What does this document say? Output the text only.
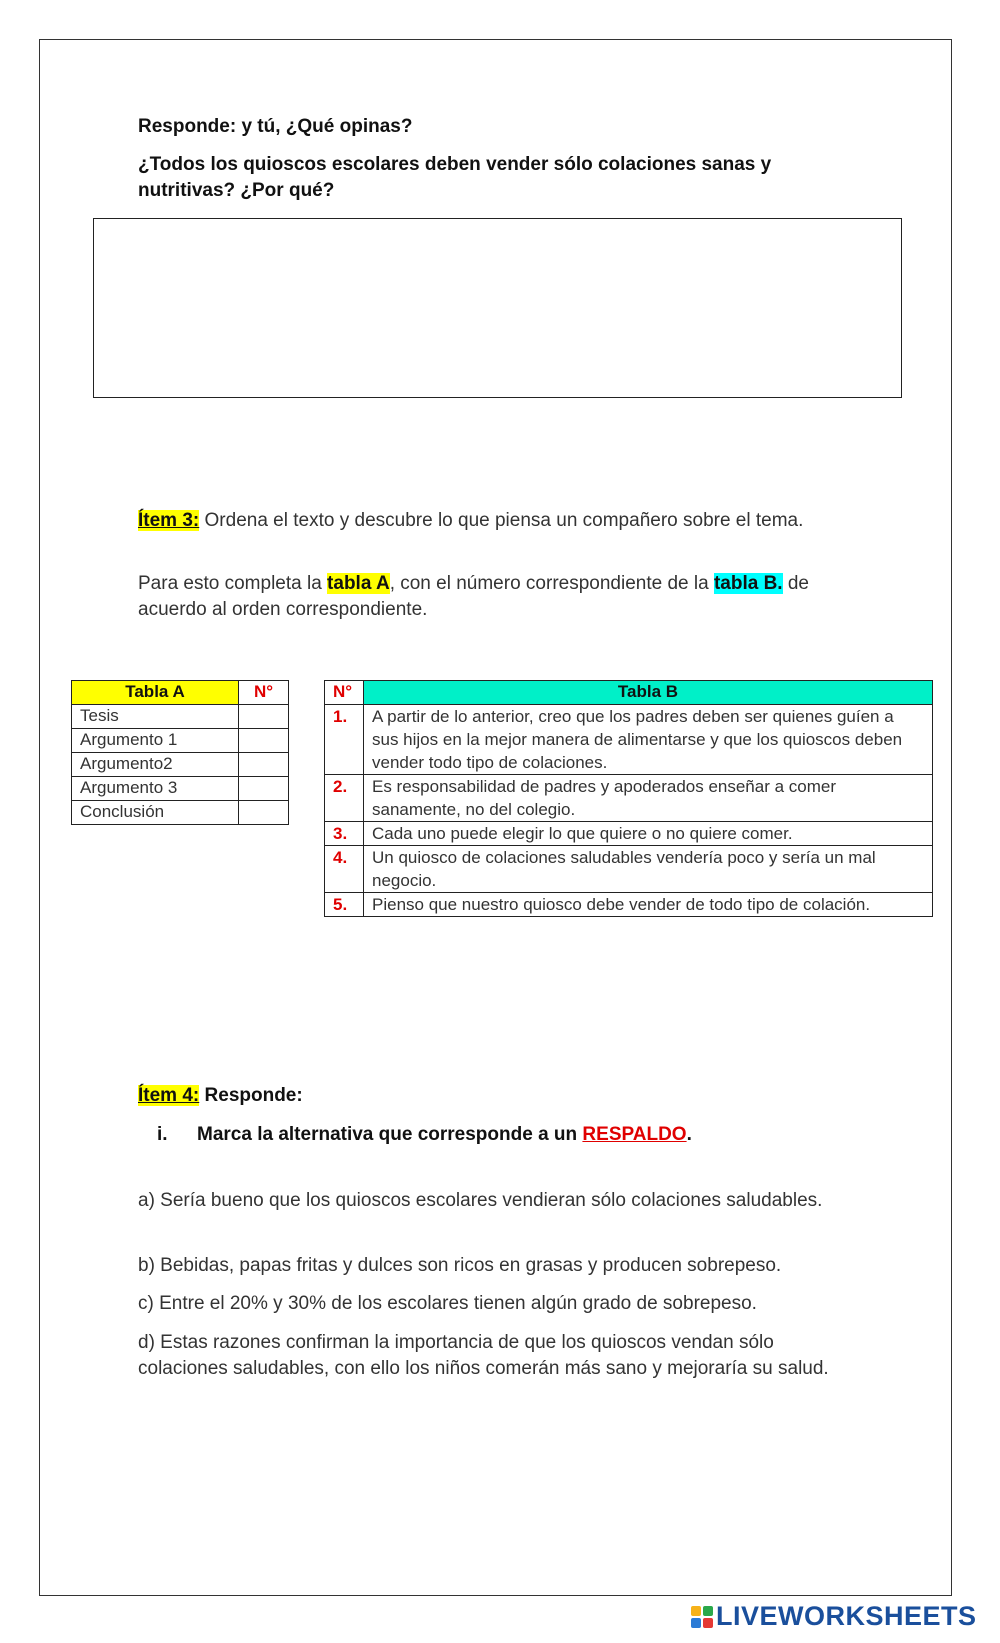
Responde: y tú, ¿Qué opinas?
¿Todos los quioscos escolares deben vender sólo colaciones sanas y nutritivas? ¿Por qué?
Ítem 3: Ordena el texto y descubre lo que piensa un compañero sobre el tema.
Para esto completa la tabla A, con el número correspondiente de la tabla B. de acuerdo al orden correspondiente.
Tabla A	N°
Tesis	
Argumento 1	
Argumento2	
Argumento 3	
Conclusión	
N°	Tabla B
1.	A partir de lo anterior, creo que los padres deben ser quienes guíen a sus hijos en la mejor manera de alimentarse y que los quioscos deben vender todo tipo de colaciones.
2.	Es responsabilidad de padres y apoderados enseñar a comer sanamente, no del colegio.
3.	Cada uno puede elegir lo que quiere o no quiere comer.
4.	Un quiosco de colaciones saludables vendería poco y sería un mal negocio.
5.	Pienso que nuestro quiosco debe vender de todo tipo de colación.
Ítem 4: Responde:
i. Marca la alternativa que corresponde a un RESPALDO.
a) Sería bueno que los quioscos escolares vendieran sólo colaciones saludables.
b) Bebidas, papas fritas y dulces son ricos en grasas y producen sobrepeso.
c) Entre el 20% y 30% de los escolares tienen algún grado de sobrepeso.
d) Estas razones confirman la importancia de que los quioscos vendan sólo colaciones saludables, con ello los niños comerán más sano y mejoraría su salud.
LIVEWORKSHEETS
